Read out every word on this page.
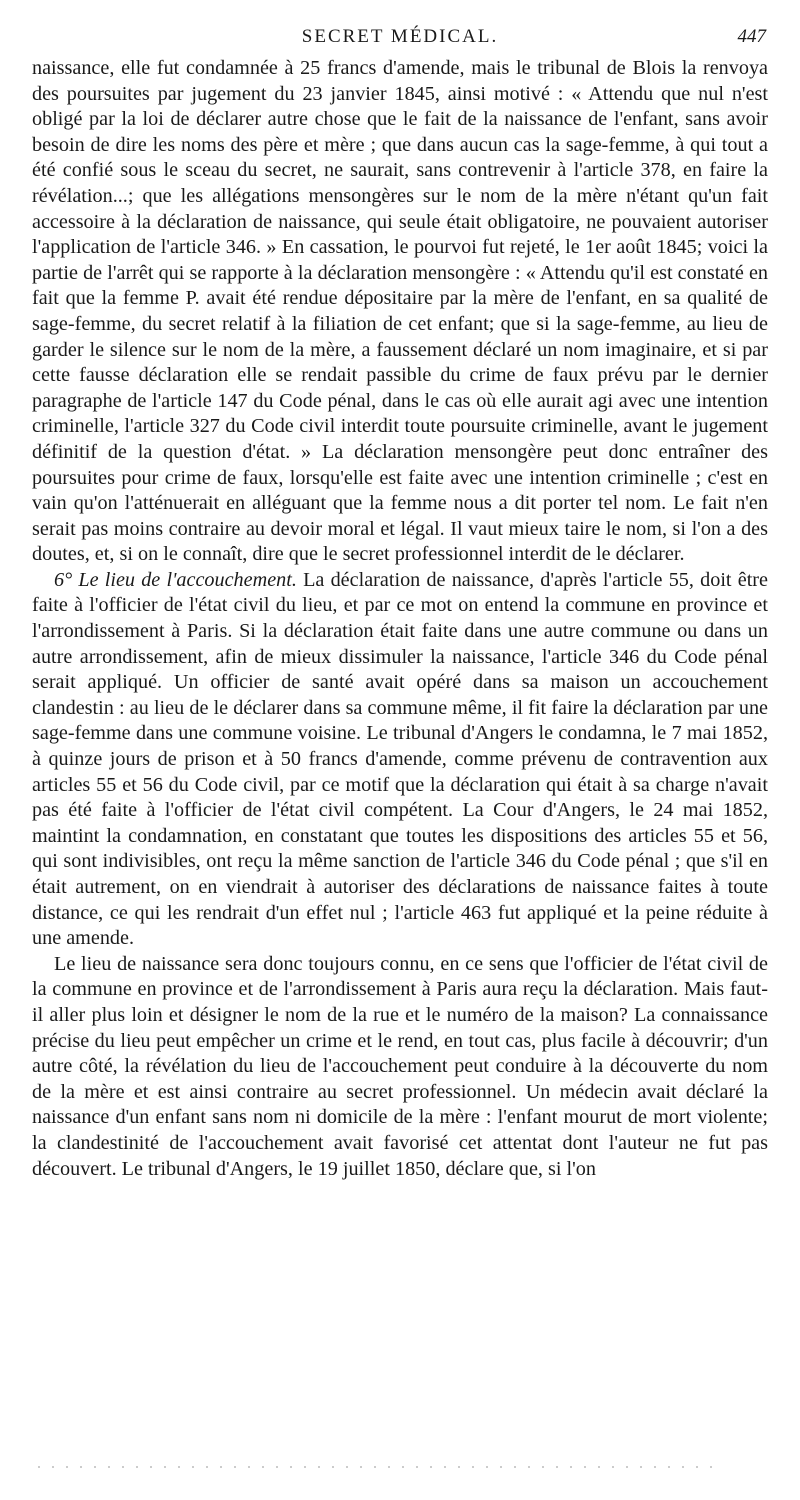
SECRET MÉDICAL.	447

naissance, elle fut condamnée à 25 francs d'amende, mais le tribunal de Blois la renvoya des poursuites par jugement du 23 janvier 1845, ainsi motivé : « Attendu que nul n'est obligé par la loi de déclarer autre chose que le fait de la naissance de l'enfant, sans avoir besoin de dire les noms des père et mère ; que dans aucun cas la sage-femme, à qui tout a été confié sous le sceau du secret, ne saurait, sans contrevenir à l'article 378, en faire la révélation...; que les allégations mensongères sur le nom de la mère n'étant qu'un fait accessoire à la déclaration de naissance, qui seule était obligatoire, ne pouvaient autoriser l'application de l'article 346. » En cassation, le pourvoi fut rejeté, le 1er août 1845; voici la partie de l'arrêt qui se rapporte à la déclaration mensongère : « Attendu qu'il est constaté en fait que la femme P. avait été rendue dépositaire par la mère de l'enfant, en sa qualité de sage-femme, du secret relatif à la filiation de cet enfant; que si la sage-femme, au lieu de garder le silence sur le nom de la mère, a faussement déclaré un nom imaginaire, et si par cette fausse déclaration elle se rendait passible du crime de faux prévu par le dernier paragraphe de l'article 147 du Code pénal, dans le cas où elle aurait agi avec une intention criminelle, l'article 327 du Code civil interdit toute poursuite criminelle, avant le jugement définitif de la question d'état. » La déclaration mensongère peut donc entraîner des poursuites pour crime de faux, lorsqu'elle est faite avec une intention criminelle ; c'est en vain qu'on l'atténuerait en alléguant que la femme nous a dit porter tel nom. Le fait n'en serait pas moins contraire au devoir moral et légal. Il vaut mieux taire le nom, si l'on a des doutes, et, si on le connaît, dire que le secret professionnel interdit de le déclarer.

6° Le lieu de l'accouchement. La déclaration de naissance, d'après l'article 55, doit être faite à l'officier de l'état civil du lieu, et par ce mot on entend la commune en province et l'arrondissement à Paris. Si la déclaration était faite dans une autre commune ou dans un autre arrondissement, afin de mieux dissimuler la naissance, l'article 346 du Code pénal serait appliqué. Un officier de santé avait opéré dans sa maison un accouchement clandestin : au lieu de le déclarer dans sa commune même, il fit faire la déclaration par une sage-femme dans une commune voisine. Le tribunal d'Angers le condamna, le 7 mai 1852, à quinze jours de prison et à 50 francs d'amende, comme prévenu de contravention aux articles 55 et 56 du Code civil, par ce motif que la déclaration qui était à sa charge n'avait pas été faite à l'officier de l'état civil compétent. La Cour d'Angers, le 24 mai 1852, maintint la condamnation, en constatant que toutes les dispositions des articles 55 et 56, qui sont indivisibles, ont reçu la même sanction de l'article 346 du Code pénal ; que s'il en était autrement, on en viendrait à autoriser des déclarations de naissance faites à toute distance, ce qui les rendrait d'un effet nul ; l'article 463 fut appliqué et la peine réduite à une amende.

Le lieu de naissance sera donc toujours connu, en ce sens que l'officier de l'état civil de la commune en province et de l'arrondissement à Paris aura reçu la déclaration. Mais faut-il aller plus loin et désigner le nom de la rue et le numéro de la maison? La connaissance précise du lieu peut empêcher un crime et le rend, en tout cas, plus facile à découvrir; d'un autre côté, la révélation du lieu de l'accouchement peut conduire à la découverte du nom de la mère et est ainsi contraire au secret professionnel. Un médecin avait déclaré la naissance d'un enfant sans nom ni domicile de la mère : l'enfant mourut de mort violente; la clandestinité de l'accouchement avait favorisé cet attentat dont l'auteur ne fut pas découvert. Le tribunal d'Angers, le 19 juillet 1850, déclare que, si l'on
